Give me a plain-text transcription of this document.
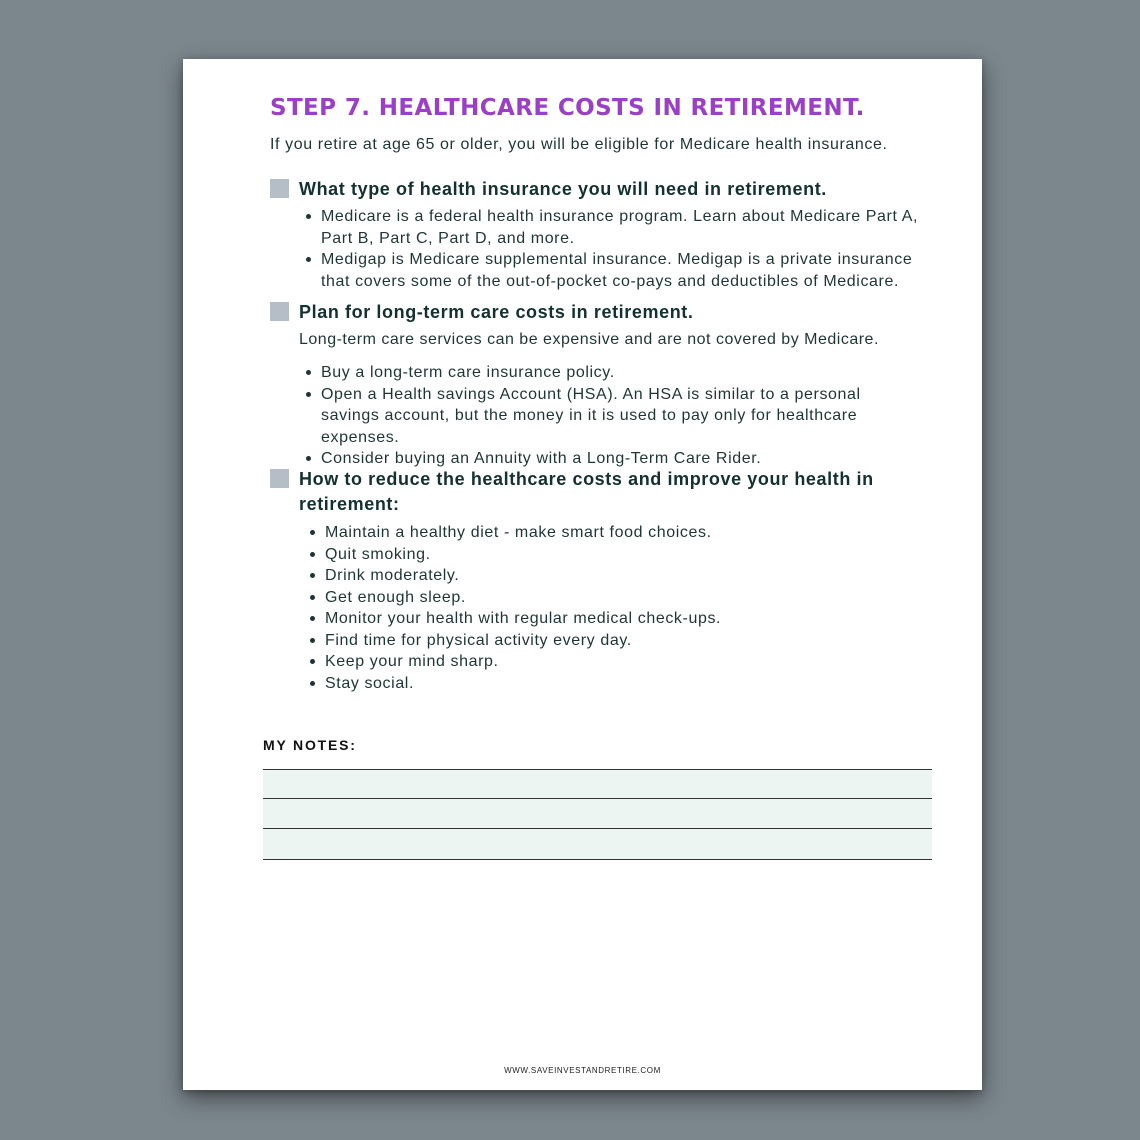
STEP 7. HEALTHCARE COSTS IN RETIREMENT.

If you retire at age 65 or older, you will be eligible for Medicare health insurance.

What type of health insurance you will need in retirement.
Medicare is a federal health insurance program. Learn about Medicare Part A, Part B, Part C, Part D, and more.
Medigap is Medicare supplemental insurance. Medigap is a private insurance that covers some of the out-of-pocket co-pays and deductibles of Medicare.
Plan for long-term care costs in retirement.

Long-term care services can be expensive and are not covered by Medicare.

Buy a long-term care insurance policy.
Open a Health savings Account (HSA). An HSA is similar to a personal savings account, but the money in it is used to pay only for healthcare expenses.
Consider buying an Annuity with a Long-Term Care Rider.
How to reduce the healthcare costs and improve your health in retirement:
Maintain a healthy diet - make smart food choices.
Quit smoking.
Drink moderately.
Get enough sleep.
Monitor your health with regular medical check-ups.
Find time for physical activity every day.
Keep your mind sharp.
Stay social.

MY NOTES:

WWW.SAVEINVESTANDRETIRE.COM
